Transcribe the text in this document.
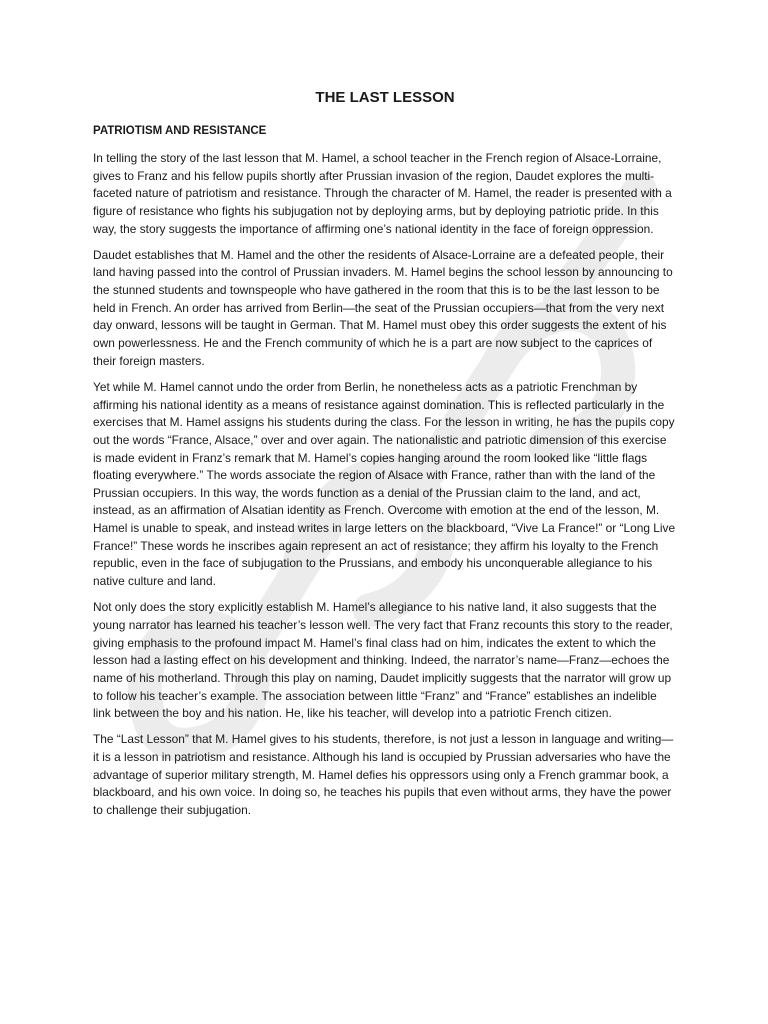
THE LAST LESSON
PATRIOTISM AND RESISTANCE

In telling the story of the last lesson that M. Hamel, a school teacher in the French region of Alsace-Lorraine, gives to Franz and his fellow pupils shortly after Prussian invasion of the region, Daudet explores the multi-faceted nature of patriotism and resistance. Through the character of M. Hamel, the reader is presented with a figure of resistance who fights his subjugation not by deploying arms, but by deploying patriotic pride. In this way, the story suggests the importance of affirming one’s national identity in the face of foreign oppression.

Daudet establishes that M. Hamel and the other the residents of Alsace-Lorraine are a defeated people, their land having passed into the control of Prussian invaders. M. Hamel begins the school lesson by announcing to the stunned students and townspeople who have gathered in the room that this is to be the last lesson to be held in French. An order has arrived from Berlin—the seat of the Prussian occupiers—that from the very next day onward, lessons will be taught in German. That M. Hamel must obey this order suggests the extent of his own powerlessness. He and the French community of which he is a part are now subject to the caprices of their foreign masters.

Yet while M. Hamel cannot undo the order from Berlin, he nonetheless acts as a patriotic Frenchman by affirming his national identity as a means of resistance against domination. This is reflected particularly in the exercises that M. Hamel assigns his students during the class. For the lesson in writing, he has the pupils copy out the words “France, Alsace,” over and over again. The nationalistic and patriotic dimension of this exercise is made evident in Franz’s remark that M. Hamel’s copies hanging around the room looked like “little flags floating everywhere.” The words associate the region of Alsace with France, rather than with the land of the Prussian occupiers. In this way, the words function as a denial of the Prussian claim to the land, and act, instead, as an affirmation of Alsatian identity as French. Overcome with emotion at the end of the lesson, M. Hamel is unable to speak, and instead writes in large letters on the blackboard, “Vive La France!” or “Long Live France!” These words he inscribes again represent an act of resistance; they affirm his loyalty to the French republic, even in the face of subjugation to the Prussians, and embody his unconquerable allegiance to his native culture and land.

Not only does the story explicitly establish M. Hamel’s allegiance to his native land, it also suggests that the young narrator has learned his teacher’s lesson well. The very fact that Franz recounts this story to the reader, giving emphasis to the profound impact M. Hamel’s final class had on him, indicates the extent to which the lesson had a lasting effect on his development and thinking. Indeed, the narrator’s name—Franz—echoes the name of his motherland. Through this play on naming, Daudet implicitly suggests that the narrator will grow up to follow his teacher’s example. The association between little “Franz” and “France” establishes an indelible link between the boy and his nation. He, like his teacher, will develop into a patriotic French citizen.

The “Last Lesson” that M. Hamel gives to his students, therefore, is not just a lesson in language and writing—it is a lesson in patriotism and resistance. Although his land is occupied by Prussian adversaries who have the advantage of superior military strength, M. Hamel defies his oppressors using only a French grammar book, a blackboard, and his own voice. In doing so, he teaches his pupils that even without arms, they have the power to challenge their subjugation.
